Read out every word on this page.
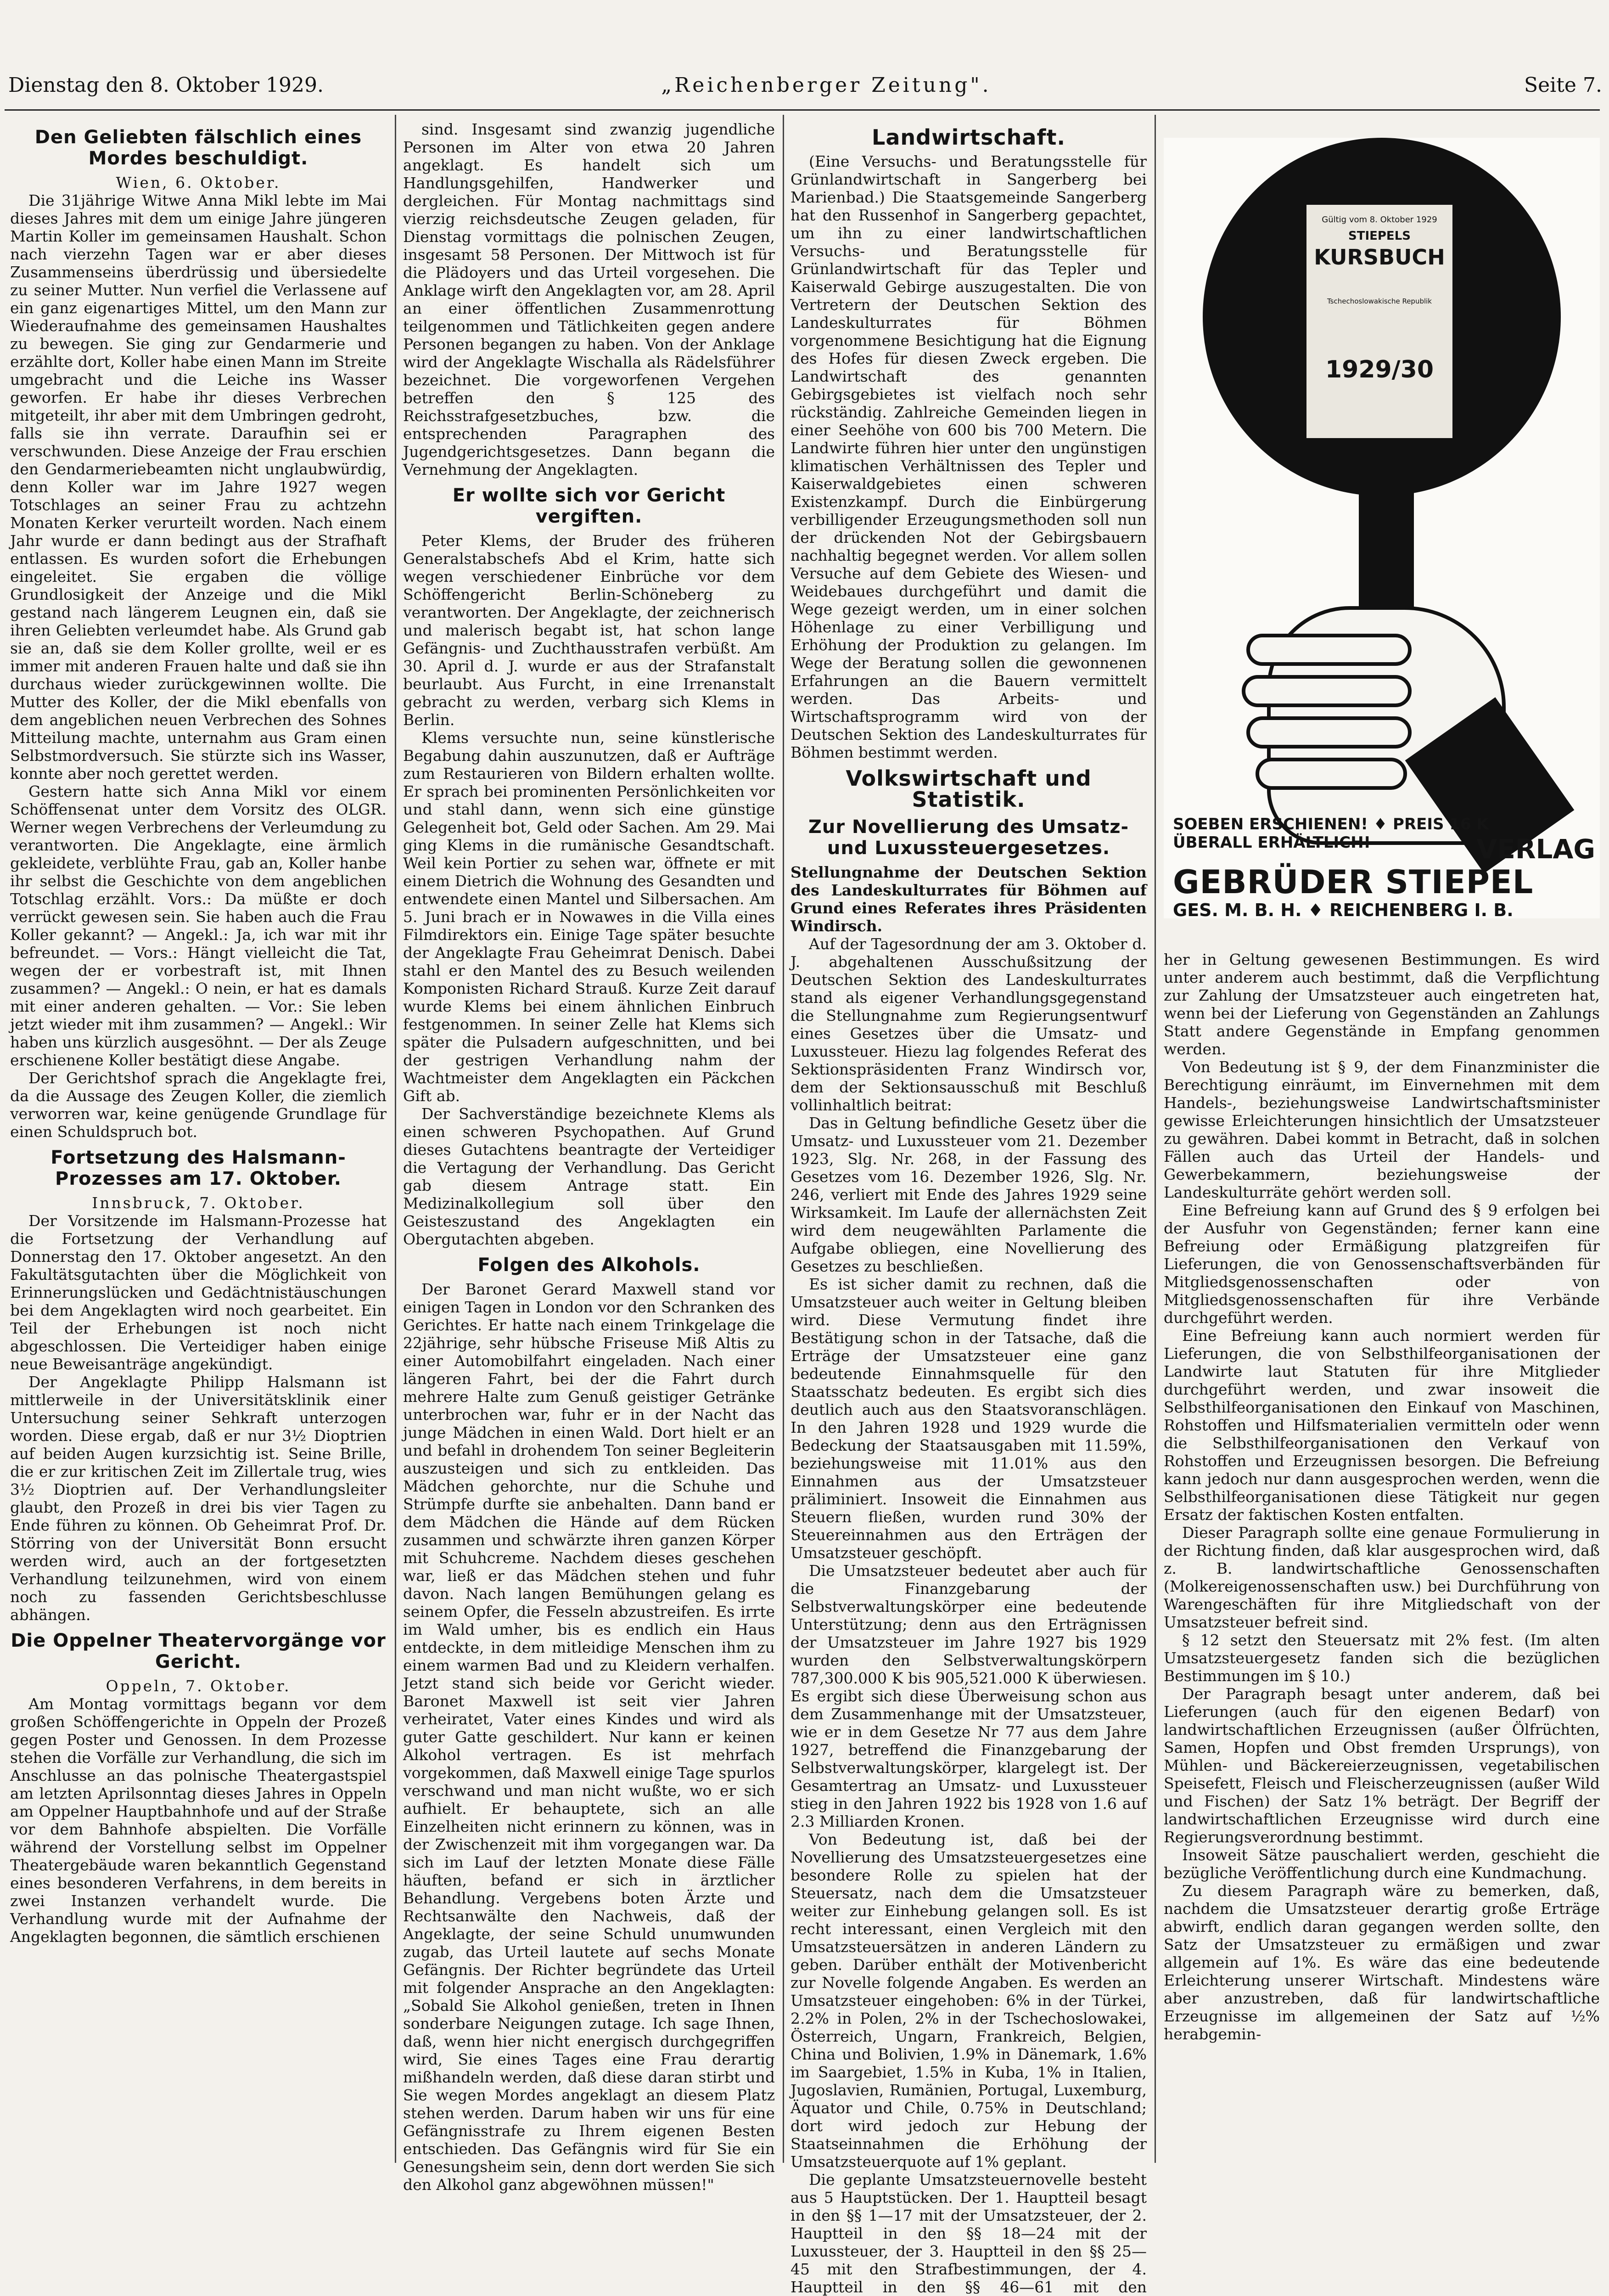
Dienstag den 8. Oktober 1929.	„Reichenberger Zeitung".	Seite 7.
Den Geliebten fälschlich eines Mordes beschuldigt.

Wien, 6. Oktober.

Die 31jährige Witwe Anna Mikl lebte im Mai dieses Jahres mit dem um einige Jahre jüngeren Martin Koller im gemeinsamen Haushalt. Schon nach vierzehn Tagen war er aber dieses Zusammenseins überdrüssig und übersiedelte zu seiner Mutter. Nun verfiel die Verlassene auf ein ganz eigenartiges Mittel, um den Mann zur Wiederaufnahme des gemeinsamen Haushaltes zu bewegen. Sie ging zur Gendarmerie und erzählte dort, Koller habe einen Mann im Streite umgebracht und die Leiche ins Wasser geworfen. Er habe ihr dieses Verbrechen mitgeteilt, ihr aber mit dem Umbringen gedroht, falls sie ihn verrate. Daraufhin sei er verschwunden. Diese Anzeige der Frau erschien den Gendarmeriebeamten nicht unglaubwürdig, denn Koller war im Jahre 1927 wegen Totschlages an seiner Frau zu achtzehn Monaten Kerker verurteilt worden. Nach einem Jahr wurde er dann bedingt aus der Strafhaft entlassen. Es wurden sofort die Erhebungen eingeleitet. Sie ergaben die völlige Grundlosigkeit der Anzeige und die Mikl gestand nach längerem Leugnen ein, daß sie ihren Geliebten verleumdet habe. Als Grund gab sie an, daß sie dem Koller grollte, weil er es immer mit anderen Frauen halte und daß sie ihn durchaus wieder zurückgewinnen wollte. Die Mutter des Koller, der die Mikl ebenfalls von dem angeblichen neuen Verbrechen des Sohnes Mitteilung machte, unternahm aus Gram einen Selbstmordversuch. Sie stürzte sich ins Wasser, konnte aber noch gerettet werden.

Gestern hatte sich Anna Mikl vor einem Schöffensenat unter dem Vorsitz des OLGR. Werner wegen Verbrechens der Verleumdung zu verantworten. Die Angeklagte, eine ärmlich gekleidete, verblühte Frau, gab an, Koller hanbe ihr selbst die Geschichte von dem angeblichen Totschlag erzählt. Vors.: Da müßte er doch verrückt gewesen sein. Sie haben auch die Frau Koller gekannt? — Angekl.: Ja, ich war mit ihr befreundet. — Vors.: Hängt vielleicht die Tat, wegen der er vorbestraft ist, mit Ihnen zusammen? — Angekl.: O nein, er hat es damals mit einer anderen gehalten. — Vor.: Sie leben jetzt wieder mit ihm zusammen? — Angekl.: Wir haben uns kürzlich ausgesöhnt. — Der als Zeuge erschienene Koller bestätigt diese Angabe.

Der Gerichtshof sprach die Angeklagte frei, da die Aussage des Zeugen Koller, die ziemlich verworren war, keine genügende Grundlage für einen Schuldspruch bot.

Fortsetzung des Halsmann-Prozesses am 17. Oktober.

Innsbruck, 7. Oktober.

Der Vorsitzende im Halsmann-Prozesse hat die Fortsetzung der Verhandlung auf Donnerstag den 17. Oktober angesetzt. An den Fakultätsgutachten über die Möglichkeit von Erinnerungslücken und Gedächtnistäuschungen bei dem Angeklagten wird noch gearbeitet. Ein Teil der Erhebungen ist noch nicht abgeschlossen. Die Verteidiger haben einige neue Beweisanträge angekündigt.

Der Angeklagte Philipp Halsmann ist mittlerweile in der Universitätsklinik einer Untersuchung seiner Sehkraft unterzogen worden. Diese ergab, daß er nur 3½ Dioptrien auf beiden Augen kurzsichtig ist. Seine Brille, die er zur kritischen Zeit im Zillertale trug, wies 3½ Dioptrien auf. Der Verhandlungsleiter glaubt, den Prozeß in drei bis vier Tagen zu Ende führen zu können. Ob Geheimrat Prof. Dr. Störring von der Universität Bonn ersucht werden wird, auch an der fortgesetzten Verhandlung teilzunehmen, wird von einem noch zu fassenden Gerichtsbeschlusse abhängen.

Die Oppelner Theatervorgänge vor Gericht.

Oppeln, 7. Oktober.

Am Montag vormittags begann vor dem großen Schöffengerichte in Oppeln der Prozeß gegen Poster und Genossen. In dem Prozesse stehen die Vorfälle zur Verhandlung, die sich im Anschlusse an das polnische Theatergastspiel am letzten Aprilsonntag dieses Jahres in Oppeln am Oppelner Hauptbahnhofe und auf der Straße vor dem Bahnhofe abspielten. Die Vorfälle während der Vorstellung selbst im Oppelner Theatergebäude waren bekanntlich Gegenstand eines besonderen Verfahrens, in dem bereits in zwei Instanzen verhandelt wurde. Die Verhandlung wurde mit der Aufnahme der Angeklagten begonnen, die sämtlich erschienen

sind. Insgesamt sind zwanzig jugendliche Personen im Alter von etwa 20 Jahren angeklagt. Es handelt sich um Handlungsgehilfen, Handwerker und dergleichen. Für Montag nachmittags sind vierzig reichsdeutsche Zeugen geladen, für Dienstag vormittags die polnischen Zeugen, insgesamt 58 Personen. Der Mittwoch ist für die Plädoyers und das Urteil vorgesehen. Die Anklage wirft den Angeklagten vor, am 28. April an einer öffentlichen Zusammenrottung teilgenommen und Tätlichkeiten gegen andere Personen begangen zu haben. Von der Anklage wird der Angeklagte Wischalla als Rädelsführer bezeichnet. Die vorgeworfenen Vergehen betreffen den § 125 des Reichsstrafgesetzbuches, bzw. die entsprechenden Paragraphen des Jugendgerichtsgesetzes. Dann begann die Vernehmung der Angeklagten.

Er wollte sich vor Gericht vergiften.

Peter Klems, der Bruder des früheren Generalstabschefs Abd el Krim, hatte sich wegen verschiedener Einbrüche vor dem Schöffengericht Berlin-Schöneberg zu verantworten. Der Angeklagte, der zeichnerisch und malerisch begabt ist, hat schon lange Gefängnis- und Zuchthausstrafen verbüßt. Am 30. April d. J. wurde er aus der Strafanstalt beurlaubt. Aus Furcht, in eine Irrenanstalt gebracht zu werden, verbarg sich Klems in Berlin.

Klems versuchte nun, seine künstlerische Begabung dahin auszunutzen, daß er Aufträge zum Restaurieren von Bildern erhalten wollte. Er sprach bei prominenten Persönlichkeiten vor und stahl dann, wenn sich eine günstige Gelegenheit bot, Geld oder Sachen. Am 29. Mai ging Klems in die rumänische Gesandtschaft. Weil kein Portier zu sehen war, öffnete er mit einem Dietrich die Wohnung des Gesandten und entwendete einen Mantel und Silbersachen. Am 5. Juni brach er in Nowawes in die Villa eines Filmdirektors ein. Einige Tage später besuchte der Angeklagte Frau Geheimrat Denisch. Dabei stahl er den Mantel des zu Besuch weilenden Komponisten Richard Strauß. Kurze Zeit darauf wurde Klems bei einem ähnlichen Einbruch festgenommen. In seiner Zelle hat Klems sich später die Pulsadern aufgeschnitten, und bei der gestrigen Verhandlung nahm der Wachtmeister dem Angeklagten ein Päckchen Gift ab.

Der Sachverständige bezeichnete Klems als einen schweren Psychopathen. Auf Grund dieses Gutachtens beantragte der Verteidiger die Vertagung der Verhandlung. Das Gericht gab diesem Antrage statt. Ein Medizinalkollegium soll über den Geisteszustand des Angeklagten ein Obergutachten abgeben.

Folgen des Alkohols.

Der Baronet Gerard Maxwell stand vor einigen Tagen in London vor den Schranken des Gerichtes. Er hatte nach einem Trinkgelage die 22jährige, sehr hübsche Friseuse Miß Altis zu einer Automobilfahrt eingeladen. Nach einer längeren Fahrt, bei der die Fahrt durch mehrere Halte zum Genuß geistiger Getränke unterbrochen war, fuhr er in der Nacht das junge Mädchen in einen Wald. Dort hielt er an und befahl in drohendem Ton seiner Begleiterin auszusteigen und sich zu entkleiden. Das Mädchen gehorchte, nur die Schuhe und Strümpfe durfte sie anbehalten. Dann band er dem Mädchen die Hände auf dem Rücken zusammen und schwärzte ihren ganzen Körper mit Schuhcreme. Nachdem dieses geschehen war, ließ er das Mädchen stehen und fuhr davon. Nach langen Bemühungen gelang es seinem Opfer, die Fesseln abzustreifen. Es irrte im Wald umher, bis es endlich ein Haus entdeckte, in dem mitleidige Menschen ihm zu einem warmen Bad und zu Kleidern verhalfen. Jetzt stand sich beide vor Gericht wieder. Baronet Maxwell ist seit vier Jahren verheiratet, Vater eines Kindes und wird als guter Gatte geschildert. Nur kann er keinen Alkohol vertragen. Es ist mehrfach vorgekommen, daß Maxwell einige Tage spurlos verschwand und man nicht wußte, wo er sich aufhielt. Er behauptete, sich an alle Einzelheiten nicht erinnern zu können, was in der Zwischenzeit mit ihm vorgegangen war. Da sich im Lauf der letzten Monate diese Fälle häuften, befand er sich in ärztlicher Behandlung. Vergebens boten Ärzte und Rechtsanwälte den Nachweis, daß der Angeklagte, der seine Schuld unumwunden zugab, das Urteil lautete auf sechs Monate Gefängnis. Der Richter begründete das Urteil mit folgender Ansprache an den Angeklagten: „Sobald Sie Alkohol genießen, treten in Ihnen sonderbare Neigungen zutage. Ich sage Ihnen, daß, wenn hier nicht energisch durchgegriffen wird, Sie eines Tages eine Frau derartig mißhandeln werden, daß diese daran stirbt und Sie wegen Mordes angeklagt an diesem Platz stehen werden. Darum haben wir uns für eine Gefängnisstrafe zu Ihrem eigenen Besten entschieden. Das Gefängnis wird für Sie ein Genesungsheim sein, denn dort werden Sie sich den Alkohol ganz abgewöhnen müssen!"

Landwirtschaft.

(Eine Versuchs- und Beratungsstelle für Grünlandwirtschaft in Sangerberg bei Marienbad.) Die Staatsgemeinde Sangerberg hat den Russenhof in Sangerberg gepachtet, um ihn zu einer landwirtschaftlichen Versuchs- und Beratungsstelle für Grünlandwirtschaft für das Tepler und Kaiserwald Gebirge auszugestalten. Die von Vertretern der Deutschen Sektion des Landeskulturrates für Böhmen vorgenommene Besichtigung hat die Eignung des Hofes für diesen Zweck ergeben. Die Landwirtschaft des genannten Gebirgsgebietes ist vielfach noch sehr rückständig. Zahlreiche Gemeinden liegen in einer Seehöhe von 600 bis 700 Metern. Die Landwirte führen hier unter den ungünstigen klimatischen Verhältnissen des Tepler und Kaiserwaldgebietes einen schweren Existenzkampf. Durch die Einbürgerung verbilligender Erzeugungsmethoden soll nun der drückenden Not der Gebirgsbauern nachhaltig begegnet werden. Vor allem sollen Versuche auf dem Gebiete des Wiesen- und Weidebaues durchgeführt und damit die Wege gezeigt werden, um in einer solchen Höhenlage zu einer Verbilligung und Erhöhung der Produktion zu gelangen. Im Wege der Beratung sollen die gewonnenen Erfahrungen an die Bauern vermittelt werden. Das Arbeits- und Wirtschaftsprogramm wird von der Deutschen Sektion des Landeskulturrates für Böhmen bestimmt werden.

Volkswirtschaft und Statistik.
Zur Novellierung des Umsatz- und Luxussteuergesetzes.

Stellungnahme der Deutschen Sektion des Landeskulturrates für Böhmen auf Grund eines Referates ihres Präsidenten Windirsch.

Auf der Tagesordnung der am 3. Oktober d. J. abgehaltenen Ausschußsitzung der Deutschen Sektion des Landeskulturrates stand als eigener Verhandlungsgegenstand die Stellungnahme zum Regierungsentwurf eines Gesetzes über die Umsatz- und Luxussteuer. Hiezu lag folgendes Referat des Sektionspräsidenten Franz Windirsch vor, dem der Sektionsausschuß mit Beschluß vollinhaltlich beitrat:

Das in Geltung befindliche Gesetz über die Umsatz- und Luxussteuer vom 21. Dezember 1923, Slg. Nr. 268, in der Fassung des Gesetzes vom 16. Dezember 1926, Slg. Nr. 246, verliert mit Ende des Jahres 1929 seine Wirksamkeit. Im Laufe der allernächsten Zeit wird dem neugewählten Parlamente die Aufgabe obliegen, eine Novellierung des Gesetzes zu beschließen.

Es ist sicher damit zu rechnen, daß die Umsatzsteuer auch weiter in Geltung bleiben wird. Diese Vermutung findet ihre Bestätigung schon in der Tatsache, daß die Erträge der Umsatzsteuer eine ganz bedeutende Einnahmsquelle für den Staatsschatz bedeuten. Es ergibt sich dies deutlich auch aus den Staatsvoranschlägen. In den Jahren 1928 und 1929 wurde die Bedeckung der Staatsausgaben mit 11.59%, beziehungsweise mit 11.01% aus den Einnahmen aus der Umsatzsteuer präliminiert. Insoweit die Einnahmen aus Steuern fließen, wurden rund 30% der Steuereinnahmen aus den Erträgen der Umsatzsteuer geschöpft.

Die Umsatzsteuer bedeutet aber auch für die Finanzgebarung der Selbstverwaltungskörper eine bedeutende Unterstützung; denn aus den Erträgnissen der Umsatzsteuer im Jahre 1927 bis 1929 wurden den Selbstverwaltungskörpern 787,300.000 K bis 905,521.000 K überwiesen. Es ergibt sich diese Überweisung schon aus dem Zusammenhange mit der Umsatzsteuer, wie er in dem Gesetze Nr 77 aus dem Jahre 1927, betreffend die Finanzgebarung der Selbstverwaltungskörper, klargelegt ist. Der Gesamtertrag an Umsatz- und Luxussteuer stieg in den Jahren 1922 bis 1928 von 1.6 auf 2.3 Milliarden Kronen.

Von Bedeutung ist, daß bei der Novellierung des Umsatzsteuergesetzes eine besondere Rolle zu spielen hat der Steuersatz, nach dem die Umsatzsteuer weiter zur Einhebung gelangen soll. Es ist recht interessant, einen Vergleich mit den Umsatzsteuersätzen in anderen Ländern zu geben. Darüber enthält der Motivenbericht zur Novelle folgende Angaben. Es werden an Umsatzsteuer eingehoben: 6% in der Türkei, 2.2% in Polen, 2% in der Tschechoslowakei, Österreich, Ungarn, Frankreich, Belgien, China und Bolivien, 1.9% in Dänemark, 1.6% im Saargebiet, 1.5% in Kuba, 1% in Italien, Jugoslavien, Rumänien, Portugal, Luxemburg, Äquator und Chile, 0.75% in Deutschland; dort wird jedoch zur Hebung der Staatseinnahmen die Erhöhung der Umsatzsteuerquote auf 1% geplant.

Die geplante Umsatzsteuernovelle besteht aus 5 Hauptstücken. Der 1. Hauptteil besagt in den §§ 1—17 mit der Umsatzsteuer, der 2. Hauptteil in den §§ 18—24 mit der Luxussteuer, der 3. Hauptteil in den §§ 25—45 mit den Strafbestimmungen, der 4. Hauptteil in den §§ 46—61 mit den

Gültig vom 8. Oktober 1929
STIEPELS
KURSBUCH
Tschechoslowakische Republik
1929/30
SOEBEN ERSCHIENEN! ♦ PREIS 16 K
ÜBERALL ERHÄLTLICH!	VERLAG
GEBRÜDER STIEPEL
GES. M. B. H. ♦ REICHENBERG I. B.

her in Geltung gewesenen Bestimmungen. Es wird unter anderem auch bestimmt, daß die Verpflichtung zur Zahlung der Umsatzsteuer auch eingetreten hat, wenn bei der Lieferung von Gegenständen an Zahlungs Statt andere Gegenstände in Empfang genommen werden.

Von Bedeutung ist § 9, der dem Finanzminister die Berechtigung einräumt, im Einvernehmen mit dem Handels-, beziehungsweise Landwirtschaftsminister gewisse Erleichterungen hinsichtlich der Umsatzsteuer zu gewähren. Dabei kommt in Betracht, daß in solchen Fällen auch das Urteil der Handels- und Gewerbekammern, beziehungsweise der Landeskulturräte gehört werden soll.

Eine Befreiung kann auf Grund des § 9 erfolgen bei der Ausfuhr von Gegenständen; ferner kann eine Befreiung oder Ermäßigung platzgreifen für Lieferungen, die von Genossenschaftsverbänden für Mitgliedsgenossenschaften oder von Mitgliedsgenossenschaften für ihre Verbände durchgeführt werden.

Eine Befreiung kann auch normiert werden für Lieferungen, die von Selbsthilfeorganisationen der Landwirte laut Statuten für ihre Mitglieder durchgeführt werden, und zwar insoweit die Selbsthilfeorganisationen den Einkauf von Maschinen, Rohstoffen und Hilfsmaterialien vermitteln oder wenn die Selbsthilfeorganisationen den Verkauf von Rohstoffen und Erzeugnissen besorgen. Die Befreiung kann jedoch nur dann ausgesprochen werden, wenn die Selbsthilfeorganisationen diese Tätigkeit nur gegen Ersatz der faktischen Kosten entfalten.

Dieser Paragraph sollte eine genaue Formulierung in der Richtung finden, daß klar ausgesprochen wird, daß z. B. landwirtschaftliche Genossenschaften (Molkereigenossenschaften usw.) bei Durchführung von Warengeschäften für ihre Mitgliedschaft von der Umsatzsteuer befreit sind.

§ 12 setzt den Steuersatz mit 2% fest. (Im alten Umsatzsteuergesetz fanden sich die bezüglichen Bestimmungen im § 10.)

Der Paragraph besagt unter anderem, daß bei Lieferungen (auch für den eigenen Bedarf) von landwirtschaftlichen Erzeugnissen (außer Ölfrüchten, Samen, Hopfen und Obst fremden Ursprungs), von Mühlen- und Bäckereierzeugnissen, vegetabilischen Speisefett, Fleisch und Fleischerzeugnissen (außer Wild und Fischen) der Satz 1% beträgt. Der Begriff der landwirtschaftlichen Erzeugnisse wird durch eine Regierungsverordnung bestimmt.

Insoweit Sätze pauschaliert werden, geschieht die bezügliche Veröffentlichung durch eine Kundmachung.

Zu diesem Paragraph wäre zu bemerken, daß, nachdem die Umsatzsteuer derartig große Erträge abwirft, endlich daran gegangen werden sollte, den Satz der Umsatzsteuer zu ermäßigen und zwar allgemein auf 1%. Es wäre das eine bedeutende Erleichterung unserer Wirtschaft. Mindestens wäre aber anzustreben, daß für landwirtschaftliche Erzeugnisse im allgemeinen der Satz auf ½% herabgemin-
